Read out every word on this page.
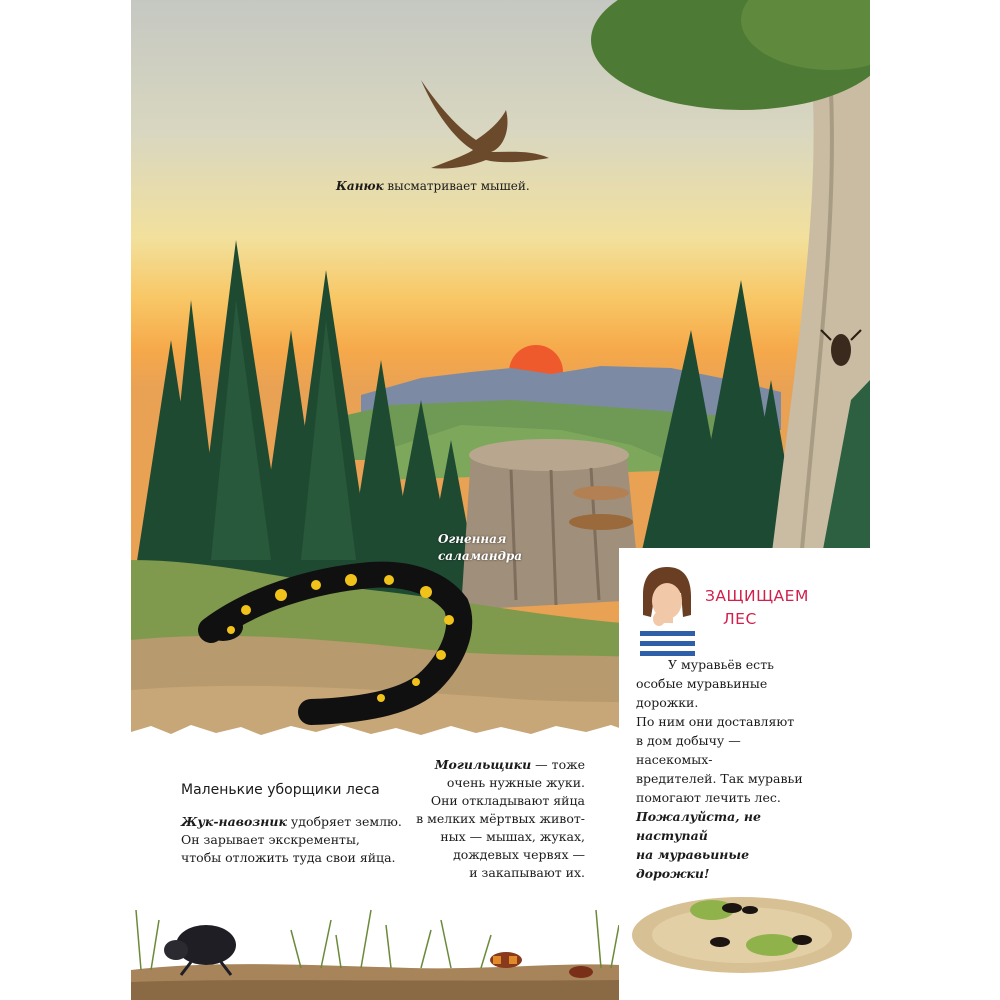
Канюк высматривает мышей.
Огненная
саламандра
Маленькие уборщики леса
Жук-навозник удобряет землю.
Он зарывает экскременты,
чтобы отложить туда свои яйца.
Могильщики — тоже
очень нужные жуки.
Они откладывают яйца
в мелких мёртвых живот-
ных — мышах, жуках,
дождевых червях —
и закапывают их.
ЗАЩИЩАЕМ
ЛЕС

У муравьёв есть

особые муравьиные дорожки.

По ним они доставляют

в дом добычу — насекомых-

вредителей. Так муравьи

помогают лечить лес.

Пожалуйста, не наступай

на муравьиные дорожки!
